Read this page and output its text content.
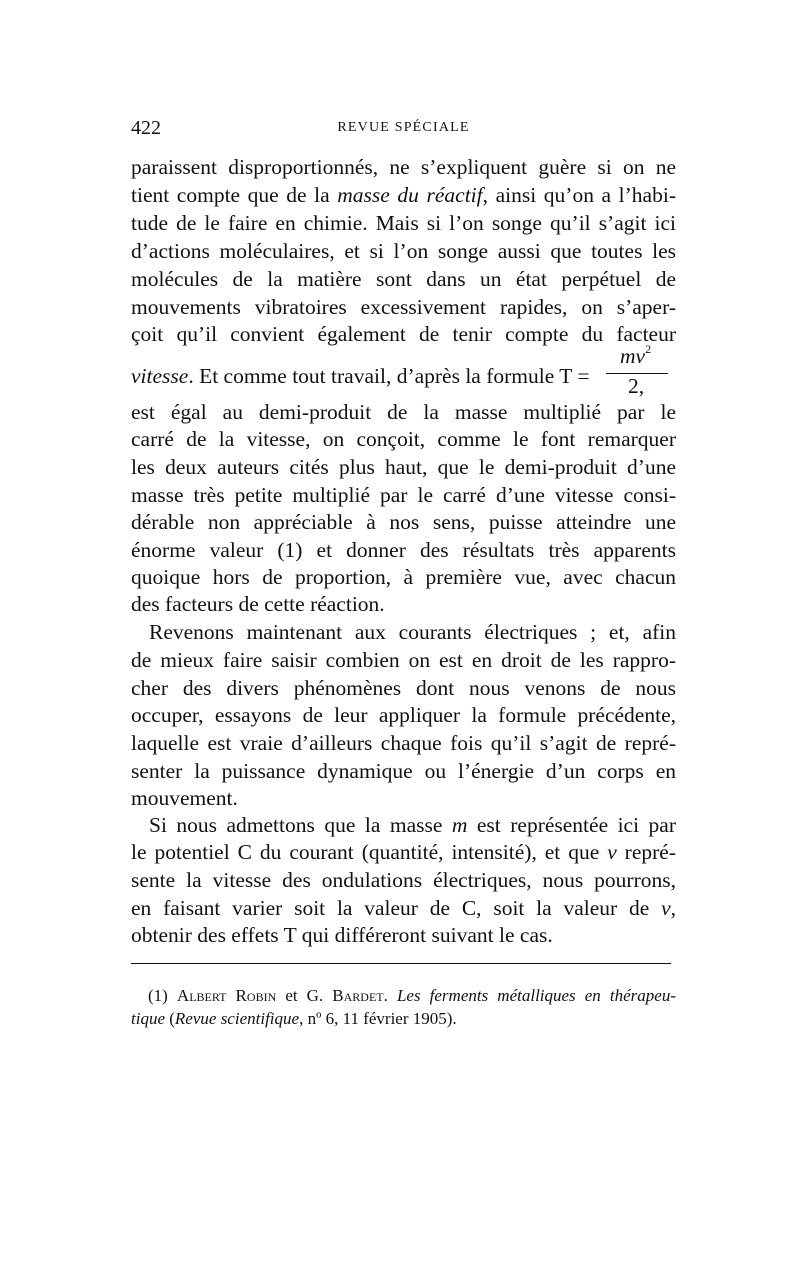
422	REVUE SPÉCIALE
paraissent disproportionnés, ne s’expliquent guère si on ne
tient compte que de la masse du réactif, ainsi qu’on a l’habi-
tude de le faire en chimie. Mais si l’on songe qu’il s’agit ici
d’actions moléculaires, et si l’on songe aussi que toutes les
molécules de la matière sont dans un état perpétuel de
mouvements vibratoires excessivement rapides, on s’aper-
çoit qu’il convient également de tenir compte du facteur
vitesse. Et comme tout travail, d’après la formule T =
$mv^2$
2,
est égal au demi-produit de la masse multiplié par le
carré de la vitesse, on conçoit, comme le font remarquer
les deux auteurs cités plus haut, que le demi-produit d’une
masse très petite multiplié par le carré d’une vitesse consi-
dérable non appréciable à nos sens, puisse atteindre une
énorme valeur (1) et donner des résultats très apparents
quoique hors de proportion, à première vue, avec chacun
des facteurs de cette réaction.
Revenons maintenant aux courants électriques ; et, afin
de mieux faire saisir combien on est en droit de les rappro-
cher des divers phénomènes dont nous venons de nous
occuper, essayons de leur appliquer la formule précédente,
laquelle est vraie d’ailleurs chaque fois qu’il s’agit de repré-
senter la puissance dynamique ou l’énergie d’un corps en
mouvement.
Si nous admettons que la masse m est représentée ici par
le potentiel C du courant (quantité, intensité), et que v repré-
sente la vitesse des ondulations électriques, nous pourrons,
en faisant varier soit la valeur de C, soit la valeur de v,
obtenir des effets T qui différeront suivant le cas.
(1) Albert Robin et G. Bardet. Les ferments métalliques en thérapeu-
tique (Revue scientifique, nº 6, 11 février 1905).
